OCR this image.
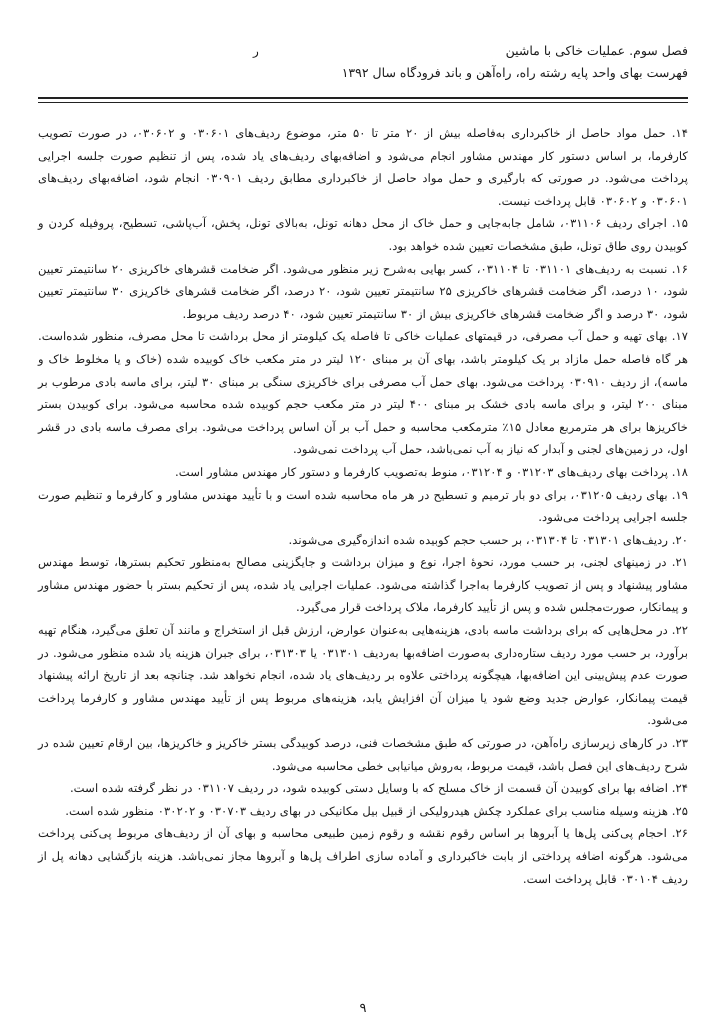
فصل سوم. عملیات خاکی با ماشین
ر
فهرست بهای واحد پایه رشته راه، راه‌آهن و باند فرودگاه سال ۱۳۹۲

۱۴. حمل مواد حاصل از خاکبرداری به‌فاصله بیش از ۲۰ متر تا ۵۰ متر، موضوع ردیف‌های ۰۳۰۶۰۱ و ۰۳۰۶۰۲، در صورت تصویب کارفرما، بر اساس دستور کار مهندس مشاور انجام می‌شود و اضافه‌بهای ردیف‌های یاد شده، پس از تنظیم صورت جلسه اجرایی پرداخت می‌شود. در صورتی که بارگیری و حمل مواد حاصل از خاکبرداری مطابق ردیف ۰۳۰۹۰۱ انجام شود، اضافه‌بهای ردیف‌های ۰۳۰۶۰۱ و ۰۳۰۶۰۲ قابل پرداخت نیست.

۱۵. اجرای ردیف ۰۳۱۱۰۶، شامل جابه‌جایی و حمل خاک از محل دهانه تونل، به‌بالای تونل، پخش، آب‌پاشی، تسطیح، پروفیله کردن و کوبیدن روی طاق تونل، طبق مشخصات تعیین شده خواهد بود.

۱۶. نسبت به ردیف‌های ۰۳۱۱۰۱ تا ۰۳۱۱۰۴، کسر بهایی به‌شرح زیر منظور می‌شود. اگر ضخامت قشرهای خاکریزی ۲۰ سانتیمتر تعیین شود، ۱۰ درصد، اگر ضخامت قشرهای خاکریزی ۲۵ سانتیمتر تعیین شود، ۲۰ درصد، اگر ضخامت قشرهای خاکریزی ۳۰ سانتیمتر تعیین شود، ۳۰ درصد و اگر ضخامت قشرهای خاکریزی بیش از ۳۰ سانتیمتر تعیین شود، ۴۰ درصد ردیف مربوط.

۱۷. بهای تهیه و حمل آب مصرفی، در قیمتهای عملیات خاکی تا فاصله یک کیلومتر از محل برداشت تا محل مصرف، منظور شده‌است. هر گاه فاصله حمل مازاد بر یک کیلومتر باشد، بهای آن بر مبنای ۱۲۰ لیتر در متر مکعب خاک کوبیده شده (خاک و یا مخلوط خاک و ماسه)، از ردیف ۰۳۰۹۱۰ پرداخت می‌شود. بهای حمل آب مصرفی برای خاکریزی سنگی بر مبنای ۳۰ لیتر، برای ماسه بادی مرطوب بر مبنای ۲۰۰ لیتر، و برای ماسه بادی خشک بر مبنای ۴۰۰ لیتر در متر مکعب حجم کوبیده شده محاسبه می‌شود. برای کوبیدن بستر خاکریزها برای هر مترمربع معادل ۱۵٪ مترمکعب محاسبه و حمل آب بر آن اساس پرداخت می‌شود. برای مصرف ماسه بادی در قشر اول، در زمین‌های لجنی و آبدار که نیاز به آب نمی‌باشد، حمل آب پرداخت نمی‌شود.

۱۸. پرداخت بهای ردیف‌های ۰۳۱۲۰۳ و ۰۳۱۲۰۴، منوط به‌تصویب کارفرما و دستور کار مهندس مشاور است.

۱۹. بهای ردیف ۰۳۱۲۰۵، برای دو بار ترمیم و تسطیح در هر ماه محاسبه شده است و با تأیید مهندس مشاور و کارفرما و تنظیم صورت جلسه اجرایی پرداخت می‌شود.

۲۰. ردیف‌های ۰۳۱۳۰۱ تا ۰۳۱۳۰۴، بر حسب حجم کوبیده شده اندازه‌گیری می‌شوند.

۲۱. در زمینهای لجنی، بر حسب مورد، نحوهٔ اجرا، نوع و میزان برداشت و جایگزینی مصالح به‌منظور تحکیم بسترها، توسط مهندس مشاور پیشنهاد و پس از تصویب کارفرما به‌اجرا گذاشته می‌شود. عملیات اجرایی یاد شده، پس از تحکیم بستر با حضور مهندس مشاور و پیمانکار، صورت‌مجلس شده و پس از تأیید کارفرما، ملاک پرداخت قرار می‌گیرد.

۲۲. در محل‌هایی که برای برداشت ماسه بادی، هزینه‌هایی به‌عنوان عوارض، ارزش قبل از استخراج و مانند آن تعلق می‌گیرد، هنگام تهیه برآورد، بر حسب مورد ردیف ستاره‌داری به‌صورت اضافه‌بها به‌ردیف ۰۳۱۳۰۱ یا ۰۳۱۳۰۳، برای جبران هزینه یاد شده منظور می‌شود. در صورت عدم پیش‌بینی این اضافه‌بها، هیچگونه پرداختی علاوه بر ردیف‌های یاد شده، انجام نخواهد شد. چنانچه بعد از تاریخ ارائه پیشنهاد قیمت پیمانکار، عوارض جدید وضع شود یا میزان آن افزایش یابد، هزینه‌های مربوط پس از تأیید مهندس مشاور و کارفرما پرداخت می‌شود.

۲۳. در کارهای زیرسازی راه‌آهن، در صورتی که طبق مشخصات فنی، درصد کوبیدگی بستر خاکریز و خاکریزها، بین ارقام تعیین شده در شرح ردیف‌های این فصل باشد، قیمت مربوط، به‌روش میانیابی خطی محاسبه می‌شود.

۲۴. اضافه بها برای کوبیدن آن قسمت از خاک مسلح که با وسایل دستی کوبیده شود، در ردیف ۰۳۱۱۰۷ در نظر گرفته شده است.

۲۵. هزینه وسیله مناسب برای عملکرد چکش هیدرولیکی از قبیل بیل مکانیکی در بهای ردیف ۰۳۰۷۰۳ و ۰۳۰۲۰۲ منظور شده است.

۲۶. احجام پی‌کنی پل‌ها یا آبروها بر اساس رقوم نقشه و رقوم زمین طبیعی محاسبه و بهای آن از ردیف‌های مربوط پی‌کنی پرداخت می‌شود. هرگونه اضافه پرداختی از بابت خاکبرداری و آماده سازی اطراف پل‌ها و آبروها مجاز نمی‌باشد. هزینه بازگشایی دهانه پل از ردیف ۰۳۰۱۰۴ قابل پرداخت است.

۹
